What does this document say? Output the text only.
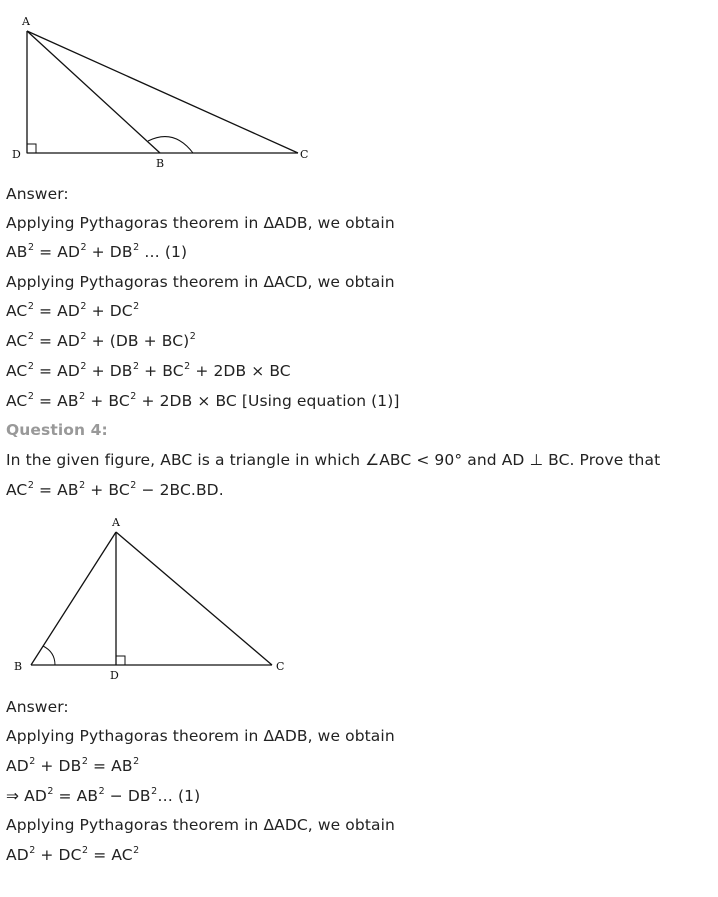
A
D
B
C
Answer:
Applying Pythagoras theorem in ΔADB, we obtain
$AB^2 = AD^2 + DB^2$ … (1)
Applying Pythagoras theorem in ΔACD, we obtain
$AC^2 = AD^2 + DC^2$
$AC^2 = AD^2 + (DB + BC)^2$
$AC^2 = AD^2 + DB^2 + BC^2 + 2DB$ × BC
$AC^2 = AB^2 + BC^2 + 2DB$ × BC [Using equation (1)]
Question 4:
In the given figure, ABC is a triangle in which ∠ABC < 90° and AD ⊥ BC. Prove that
$AC^2 = AB^2 + BC^2 - 2BC.BD$.
A
B
D
C
Answer:
Applying Pythagoras theorem in ΔADB, we obtain
$AD^2 + DB^2 = AB^2$
⇒ $AD^2 = AB^2$ − $DB^2\dots$ (1)
Applying Pythagoras theorem in ΔADC, we obtain
$AD^2 + DC^2 = AC^2$
